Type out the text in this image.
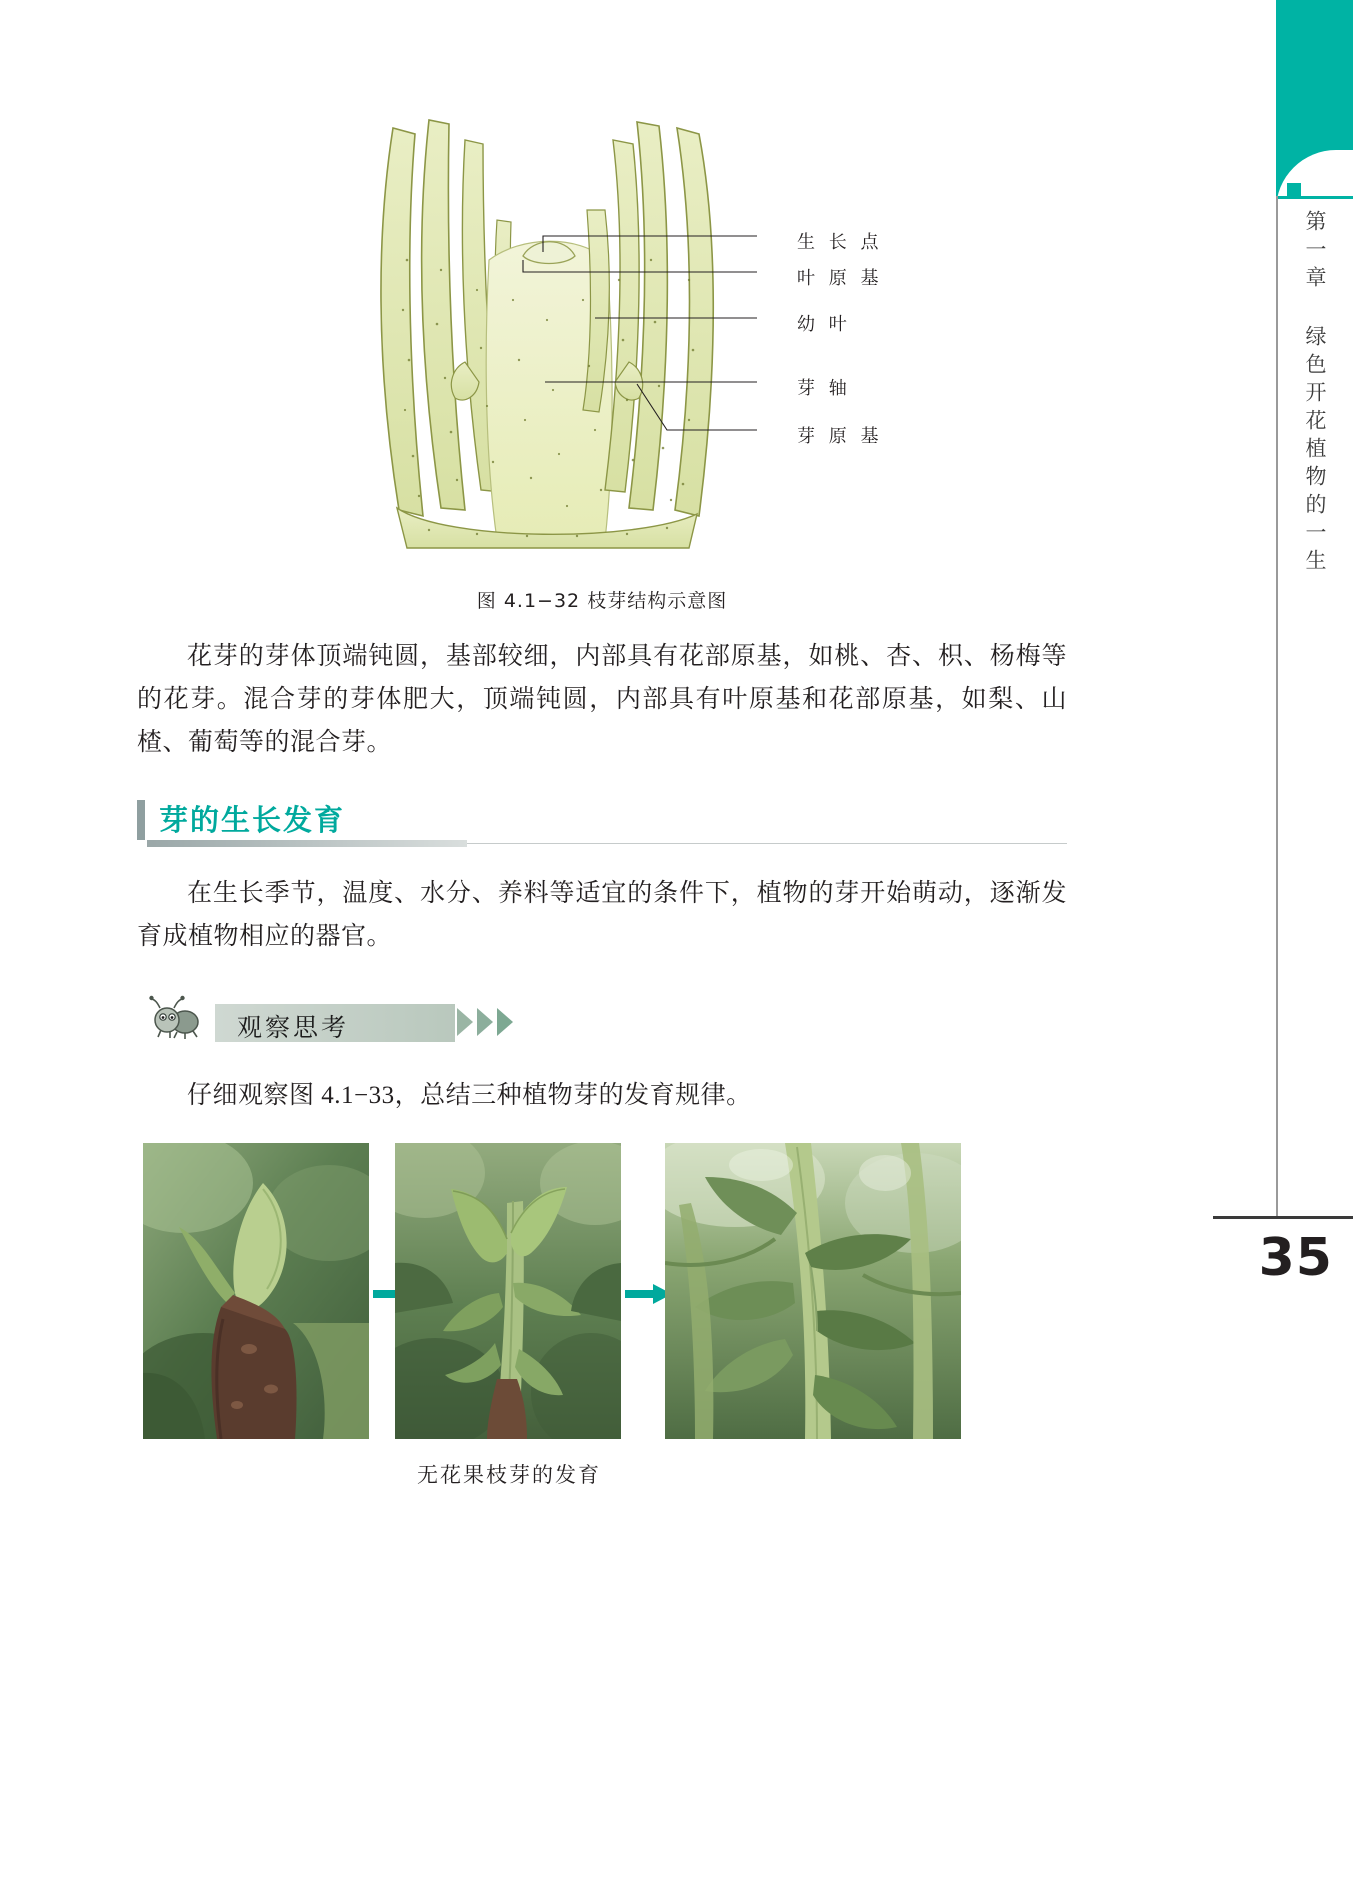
第一章 绿色开花植物的一生
35
生 长 点
叶 原 基
幼 叶
芽 轴
芽 原 基
图 4.1−32 枝芽结构示意图

花芽的芽体顶端钝圆，基部较细，内部具有花部原基，如桃、杏、枳、杨梅等的花芽。混合芽的芽体肥大，顶端钝圆，内部具有叶原基和花部原基，如梨、山楂、葡萄等的混合芽。

芽的生长发育

在生长季节，温度、水分、养料等适宜的条件下，植物的芽开始萌动，逐渐发育成植物相应的器官。

观察思考

仔细观察图 4.1−33，总结三种植物芽的发育规律。

无花果枝芽的发育
